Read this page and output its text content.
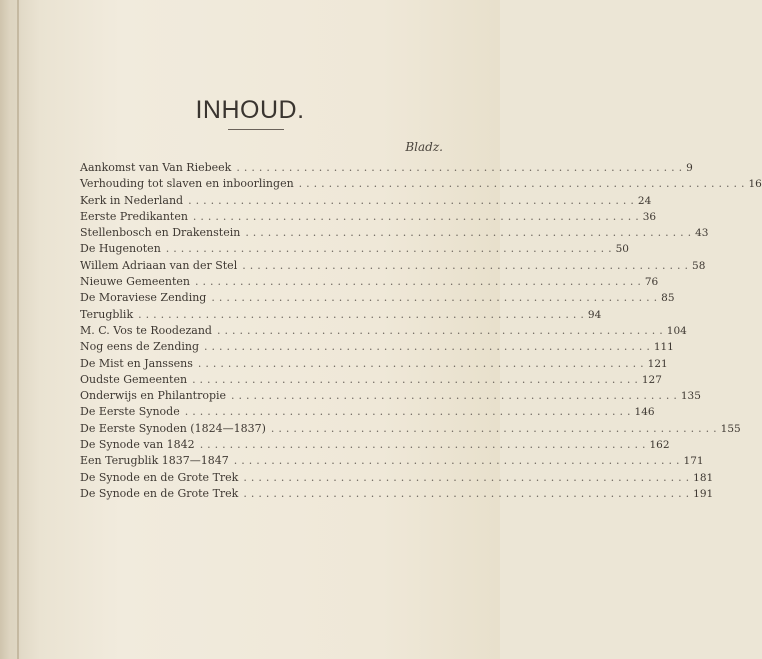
INHOUD.
Bladz.
Aankomst van Van Riebeek ............................................................ 9
Verhouding tot slaven en inboorlingen ............................................................ 16
Kerk in Nederland ............................................................ 24
Eerste Predikanten ............................................................ 36
Stellenbosch en Drakenstein ............................................................ 43
De Hugenoten ............................................................ 50
Willem Adriaan van der Stel ............................................................ 58
Nieuwe Gemeenten ............................................................ 76
De Moraviese Zending ............................................................ 85
Terugblik ............................................................ 94
M. C. Vos te Roodezand ............................................................ 104
Nog eens de Zending ............................................................ 111
De Mist en Janssens ............................................................ 121
Oudste Gemeenten ............................................................ 127
Onderwijs en Philantropie ............................................................ 135
De Eerste Synode ............................................................ 146
De Eerste Synoden (1824—1837) ............................................................ 155
De Synode van 1842 ............................................................ 162
Een Terugblik 1837—1847 ............................................................ 171
De Synode en de Grote Trek ............................................................ 181
De Synode en de Grote Trek ............................................................ 191
